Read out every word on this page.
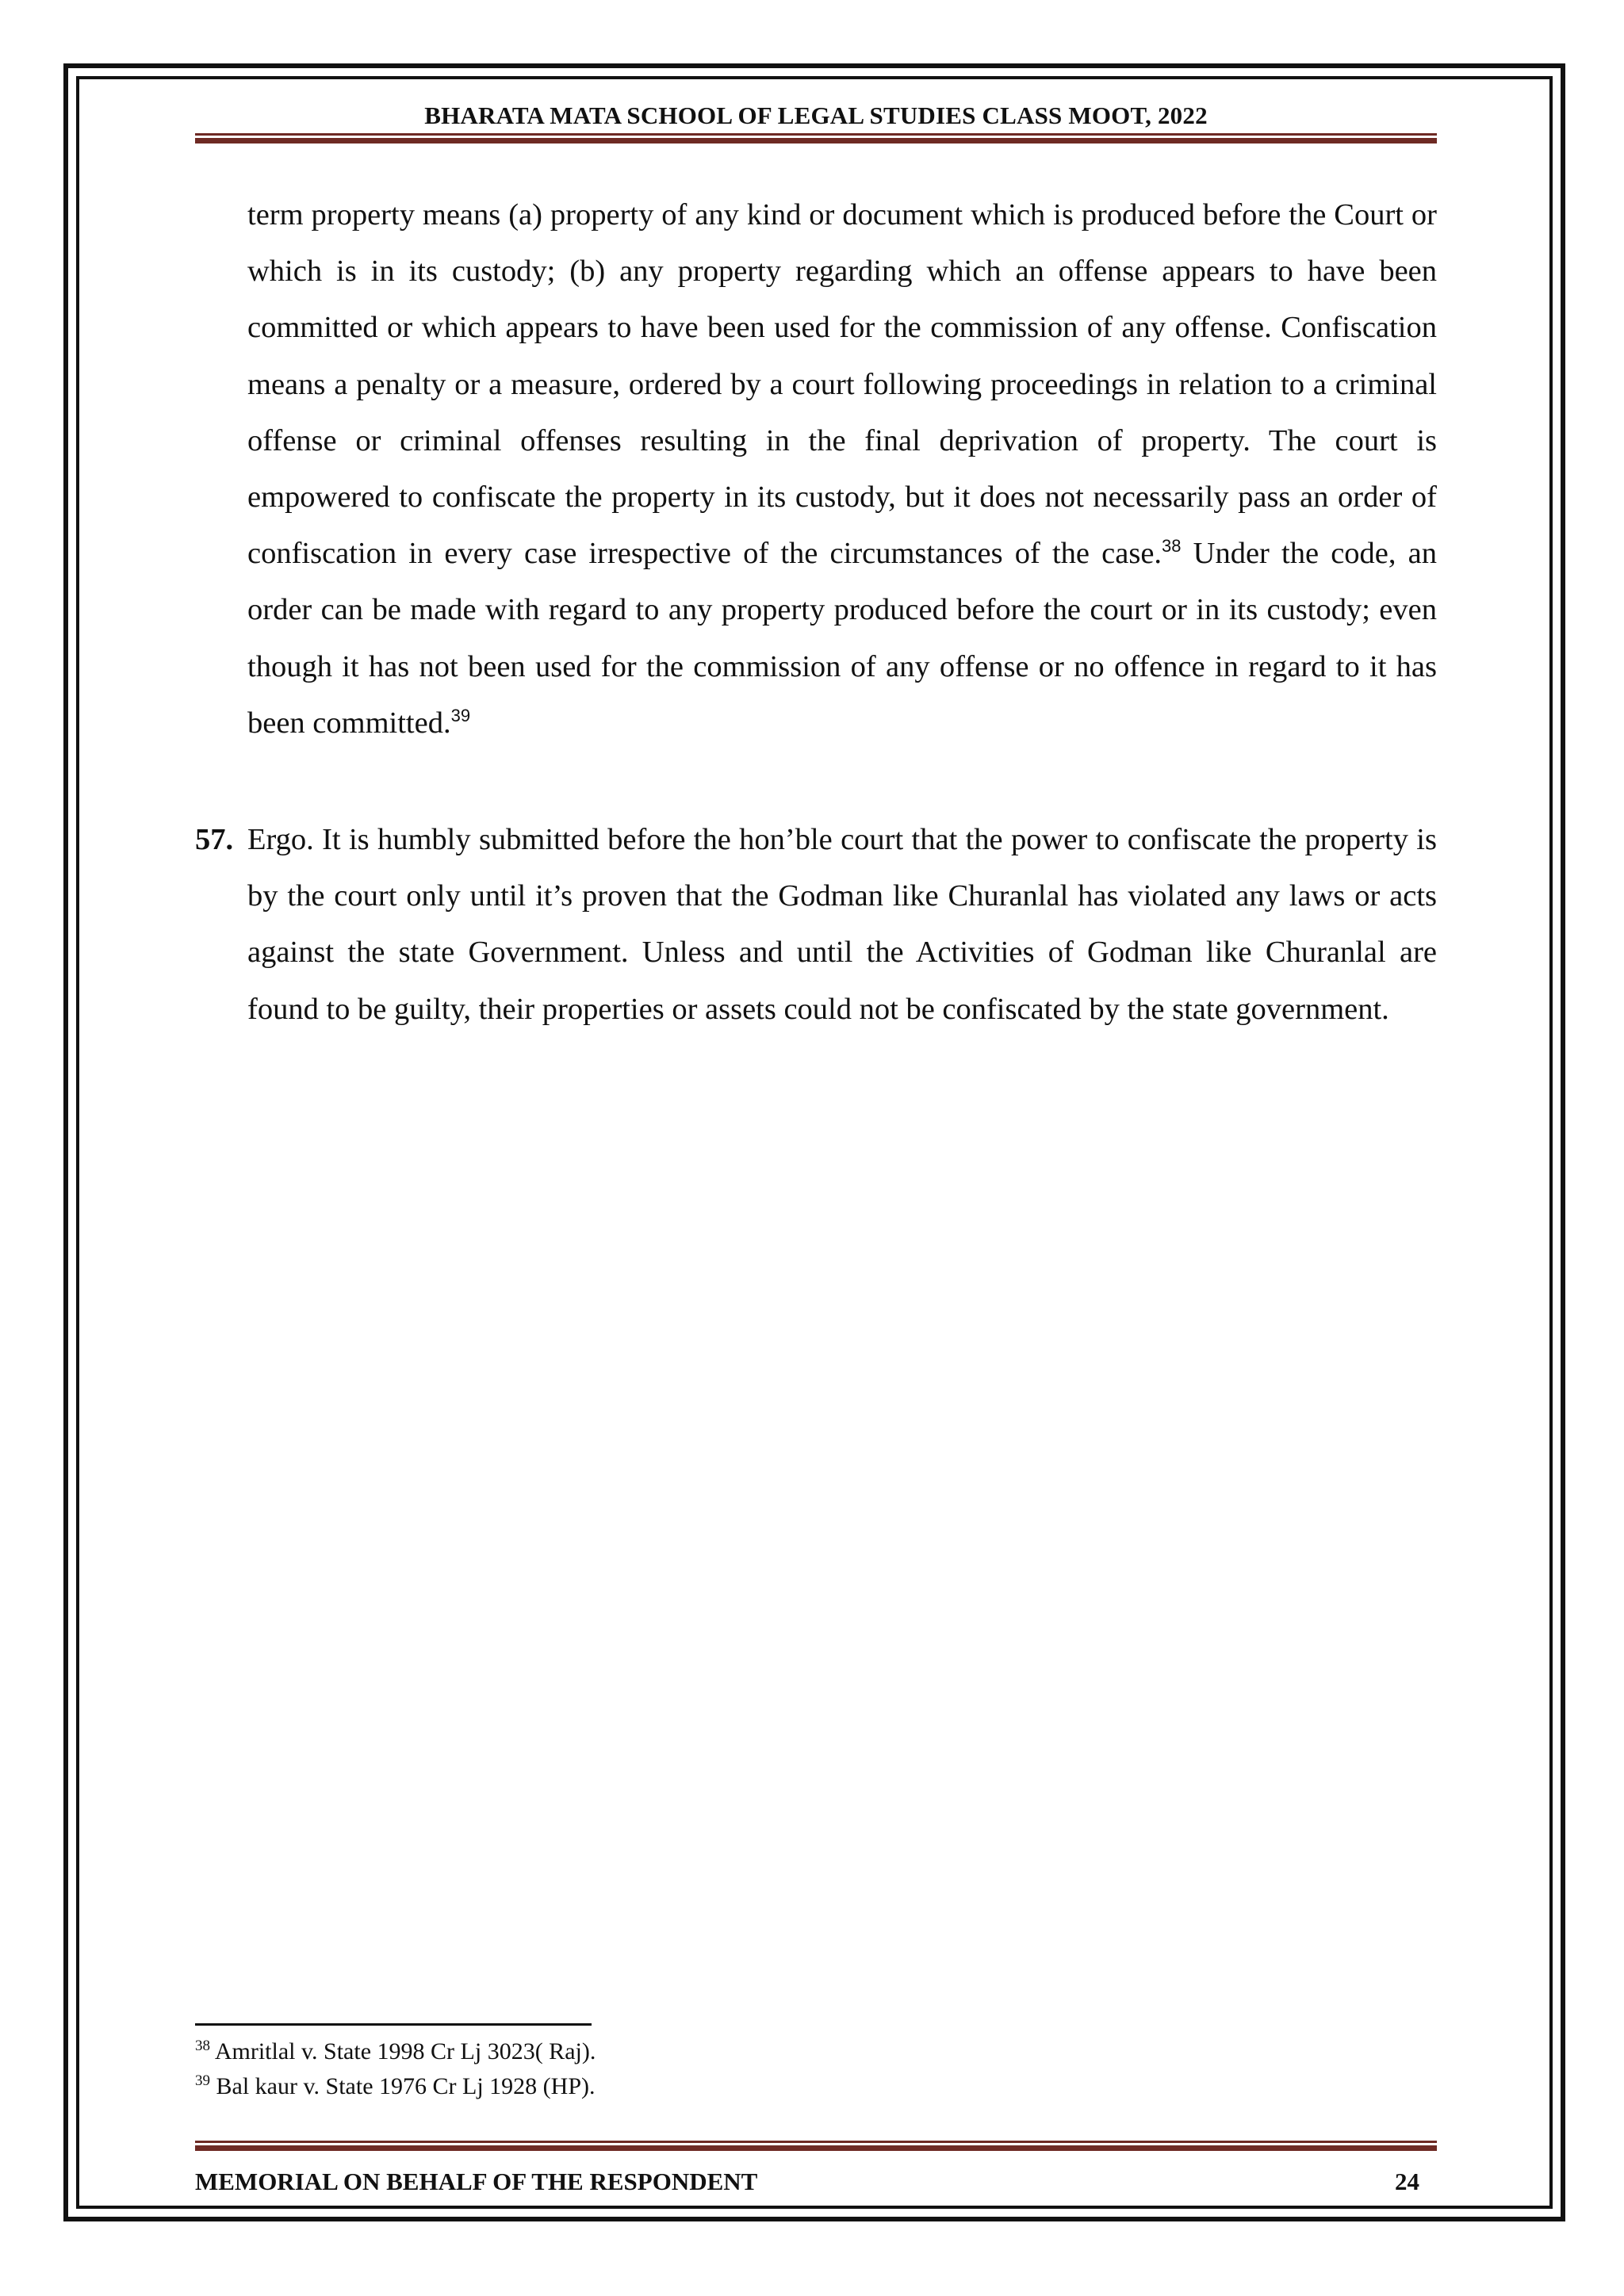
BHARATA MATA SCHOOL OF LEGAL STUDIES CLASS MOOT, 2022
term property means (a) property of any kind or document which is produced before the Court or which is in its custody; (b) any property regarding which an offense appears to have been committed or which appears to have been used for the commission of any offense. Confiscation means a penalty or a measure, ordered by a court following proceedings in relation to a criminal offense or criminal offenses resulting in the final deprivation of property. The court is empowered to confiscate the property in its custody, but it does not necessarily pass an order of confiscation in every case irrespective of the circumstances of the case.$^{38}$ Under the code, an order can be made with regard to any property produced before the court or in its custody; even though it has not been used for the commission of any offense or no offence in regard to it has been committed.$^{39}$
57. Ergo. It is humbly submitted before the hon’ble court that the power to confiscate the property is by the court only until it’s proven that the Godman like Churanlal has violated any laws or acts against the state Government. Unless and until the Activities of Godman like Churanlal are found to be guilty, their properties or assets could not be confiscated by the state government.
$^{38}$ Amritlal v. State 1998 Cr Lj 3023( Raj).
$^{39}$ Bal kaur v. State 1976 Cr Lj 1928 (HP).
MEMORIAL ON BEHALF OF THE RESPONDENT	24
